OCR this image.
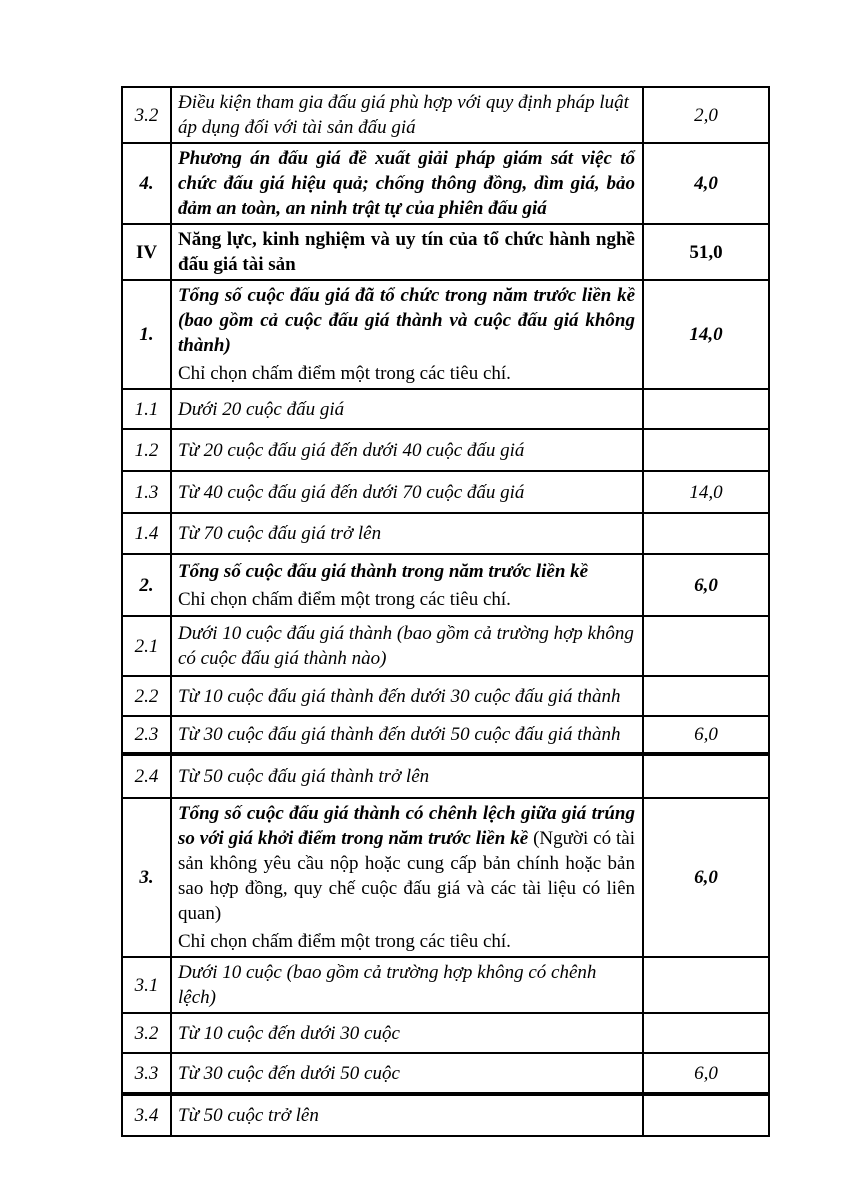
3.2	Điều kiện tham gia đấu giá phù hợp với quy định pháp luật áp dụng đối với tài sản đấu giá	2,0
4.	Phương án đấu giá đề xuất giải pháp giám sát việc tổ chức đấu giá hiệu quả; chống thông đồng, dìm giá, bảo đảm an toàn, an ninh trật tự của phiên đấu giá	4,0
IV	Năng lực, kinh nghiệm và uy tín của tổ chức hành nghề đấu giá tài sản	51,0
1.	Tổng số cuộc đấu giá đã tổ chức trong năm trước liền kề (bao gồm cả cuộc đấu giá thành và cuộc đấu giá không thành)
Chỉ chọn chấm điểm một trong các tiêu chí.	14,0
1.1	Dưới 20 cuộc đấu giá	

1.2	Từ 20 cuộc đấu giá đến dưới 40 cuộc đấu giá	

1.3	Từ 40 cuộc đấu giá đến dưới 70 cuộc đấu giá	14,0
1.4	Từ 70 cuộc đấu giá trở lên	

2.	Tổng số cuộc đấu giá thành trong năm trước liền kề
Chỉ chọn chấm điểm một trong các tiêu chí.	6,0
2.1	Dưới 10 cuộc đấu giá thành (bao gồm cả trường hợp không có cuộc đấu giá thành nào)	

2.2	Từ 10 cuộc đấu giá thành đến dưới 30 cuộc đấu giá thành	

2.3	Từ 30 cuộc đấu giá thành đến dưới 50 cuộc đấu giá thành	6,0
2.4	Từ 50 cuộc đấu giá thành trở lên	

3.	Tổng số cuộc đấu giá thành có chênh lệch giữa giá trúng so với giá khởi điểm trong năm trước liền kề (Người có tài sản không yêu cầu nộp hoặc cung cấp bản chính hoặc bản sao hợp đồng, quy chế cuộc đấu giá và các tài liệu có liên quan)
Chỉ chọn chấm điểm một trong các tiêu chí.	6,0
3.1	Dưới 10 cuộc (bao gồm cả trường hợp không có chênh lệch)	

3.2	Từ 10 cuộc đến dưới 30 cuộc	

3.3	Từ 30 cuộc đến dưới 50 cuộc	6,0
3.4	Từ 50 cuộc trở lên	
